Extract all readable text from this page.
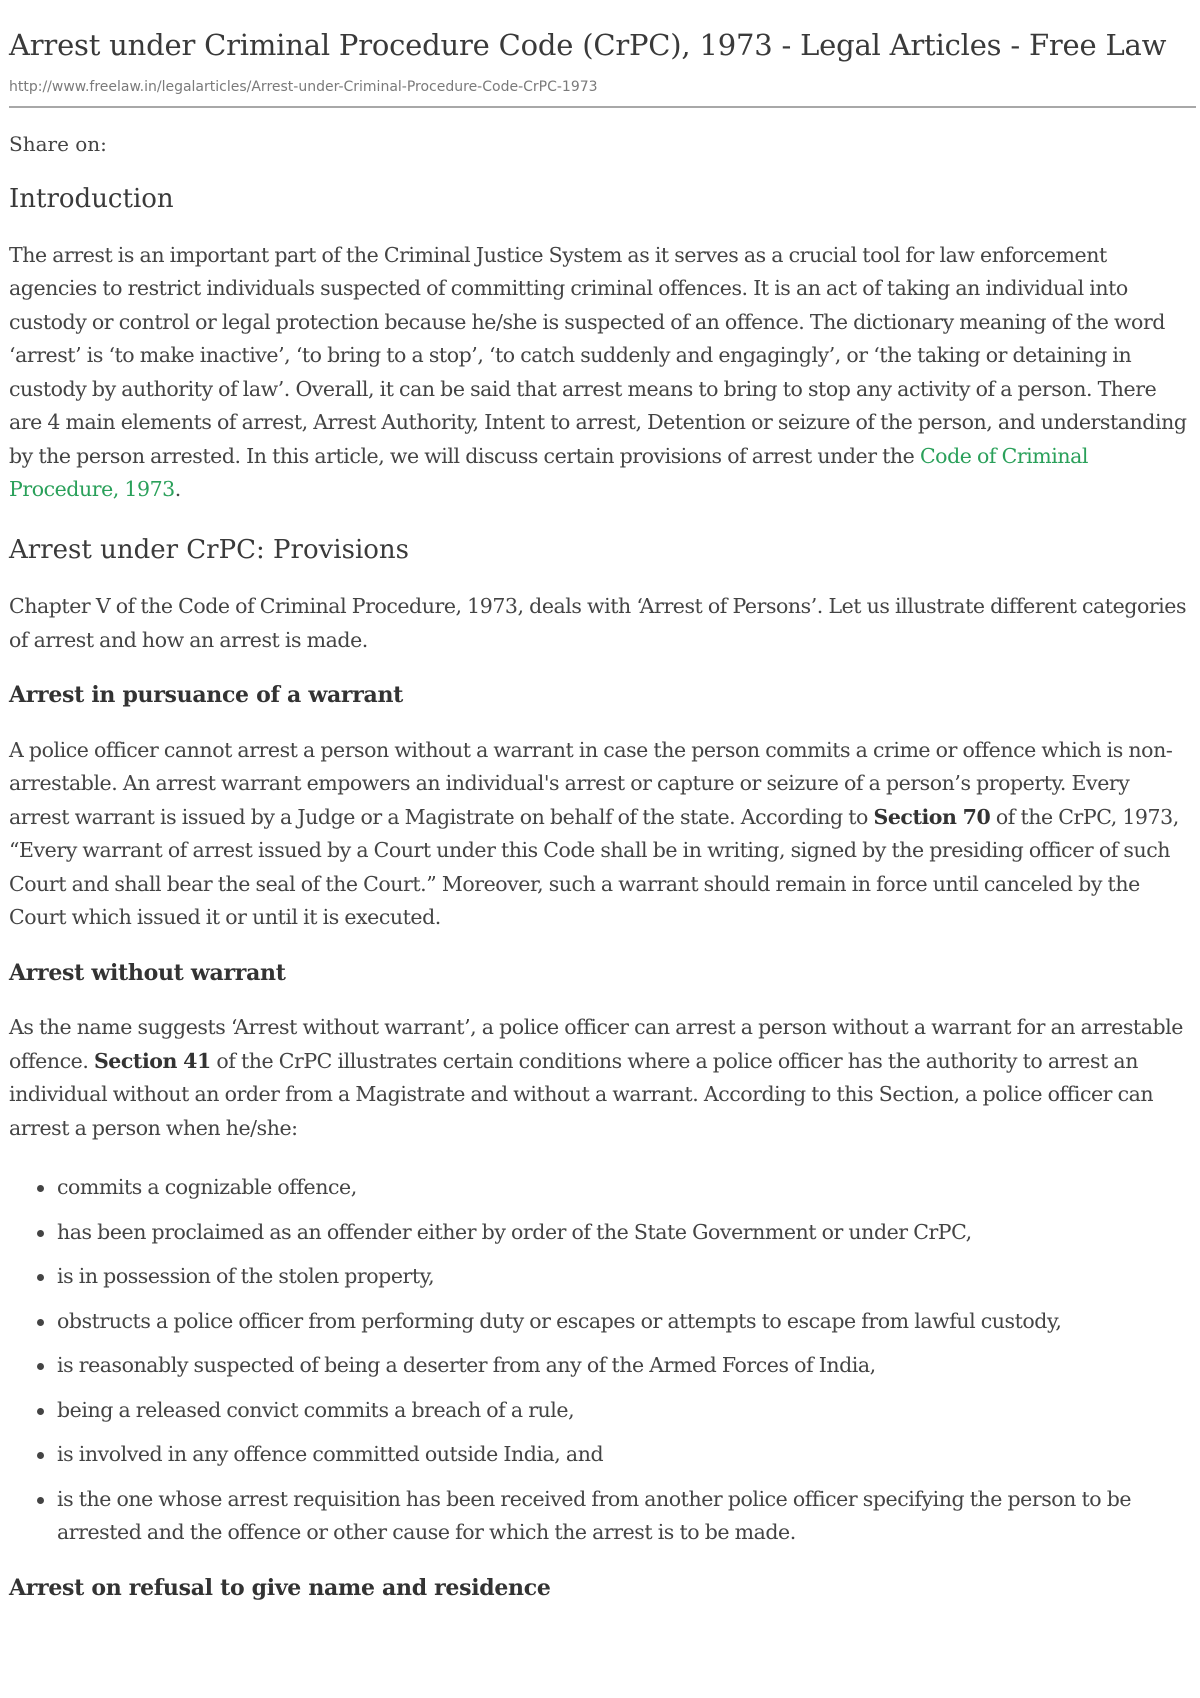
Arrest under Criminal Procedure Code (CrPC), 1973 - Legal Articles - Free Law
http://www.freelaw.in/legalarticles/Arrest-under-Criminal-Procedure-Code-CrPC-1973
Share on:
Introduction

The arrest is an important part of the Criminal Justice System as it serves as a crucial tool for law enforcement agencies to restrict individuals suspected of committing criminal offences. It is an act of taking an individual into custody or control or legal protection because he/she is suspected of an offence. The dictionary meaning of the word ‘arrest’ is ‘to make inactive’, ‘to bring to a stop’, ‘to catch suddenly and engagingly’, or ‘the taking or detaining in custody by authority of law’. Overall, it can be said that arrest means to bring to stop any activity of a person. There are 4 main elements of arrest, Arrest Authority, Intent to arrest, Detention or seizure of the person, and understanding by the person arrested. In this article, we will discuss certain provisions of arrest under the Code of Criminal Procedure, 1973.

Arrest under CrPC: Provisions

Chapter V of the Code of Criminal Procedure, 1973, deals with ‘Arrest of Persons’. Let us illustrate different categories of arrest and how an arrest is made.

Arrest in pursuance of a warrant

A police officer cannot arrest a person without a warrant in case the person commits a crime or offence which is non-arrestable. An arrest warrant empowers an individual's arrest or capture or seizure of a person’s property. Every arrest warrant is issued by a Judge or a Magistrate on behalf of the state. According to Section 70 of the CrPC, 1973, “Every warrant of arrest issued by a Court under this Code shall be in writing, signed by the presiding officer of such Court and shall bear the seal of the Court.” Moreover, such a warrant should remain in force until canceled by the Court which issued it or until it is executed.

Arrest without warrant

As the name suggests ‘Arrest without warrant’, a police officer can arrest a person without a warrant for an arrestable offence. Section 41 of the CrPC illustrates certain conditions where a police officer has the authority to arrest an individual without an order from a Magistrate and without a warrant. According to this Section, a police officer can arrest a person when he/she:

commits a cognizable offence,
has been proclaimed as an offender either by order of the State Government or under CrPC,
is in possession of the stolen property,
obstructs a police officer from performing duty or escapes or attempts to escape from lawful custody,
is reasonably suspected of being a deserter from any of the Armed Forces of India,
being a released convict commits a breach of a rule,
is involved in any offence committed outside India, and
is the one whose arrest requisition has been received from another police officer specifying the person to be arrested and the offence or other cause for which the arrest is to be made.
Arrest on refusal to give name and residence
